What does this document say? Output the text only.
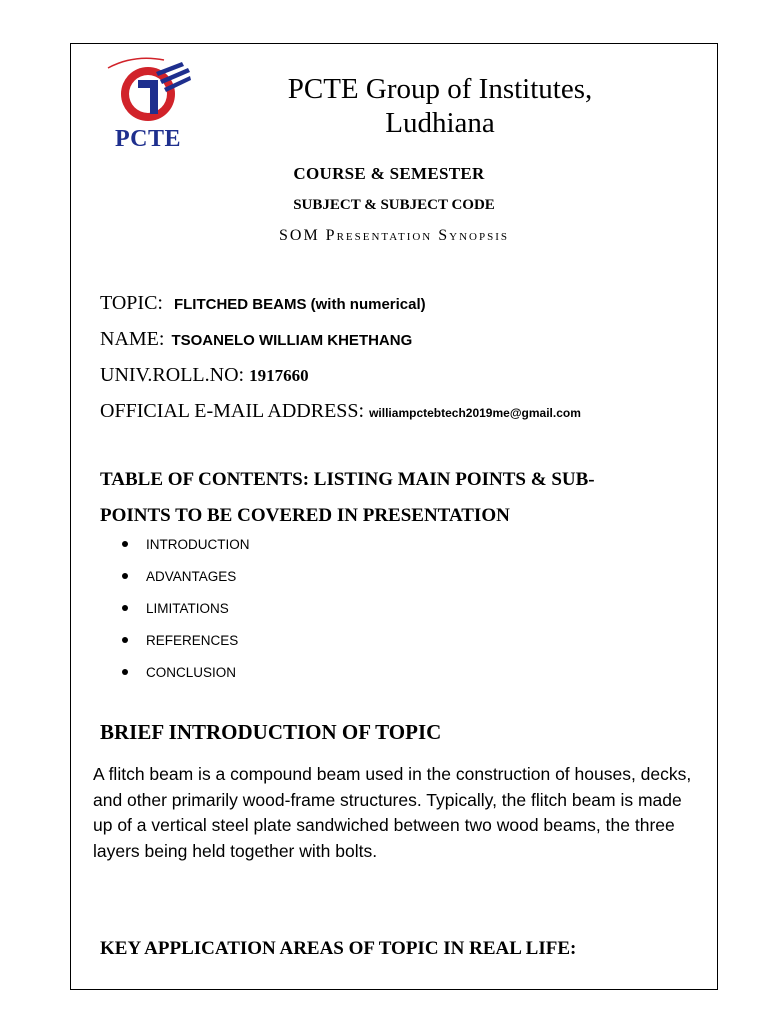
PCTE
PCTE Group of Institutes,
Ludhiana
COURSE & SEMESTER
SUBJECT & SUBJECT CODE
SOM Presentation Synopsis
TOPIC: FLITCHED BEAMS (with numerical)
NAME: TSOANELO WILLIAM KHETHANG
UNIV.ROLL.NO: 1917660
OFFICIAL E-MAIL ADDRESS: williampctebtech2019me@gmail.com
TABLE OF CONTENTS: LISTING MAIN POINTS & SUB-
POINTS TO BE COVERED IN PRESENTATION
INTRODUCTION
ADVANTAGES
LIMITATIONS
REFERENCES
CONCLUSION
BRIEF INTRODUCTION OF TOPIC
A flitch beam is a compound beam used in the construction of houses, decks, and other primarily wood-frame structures. Typically, the flitch beam is made up of a vertical steel plate sandwiched between two wood beams, the three layers being held together with bolts.
KEY APPLICATION AREAS OF TOPIC IN REAL LIFE:
